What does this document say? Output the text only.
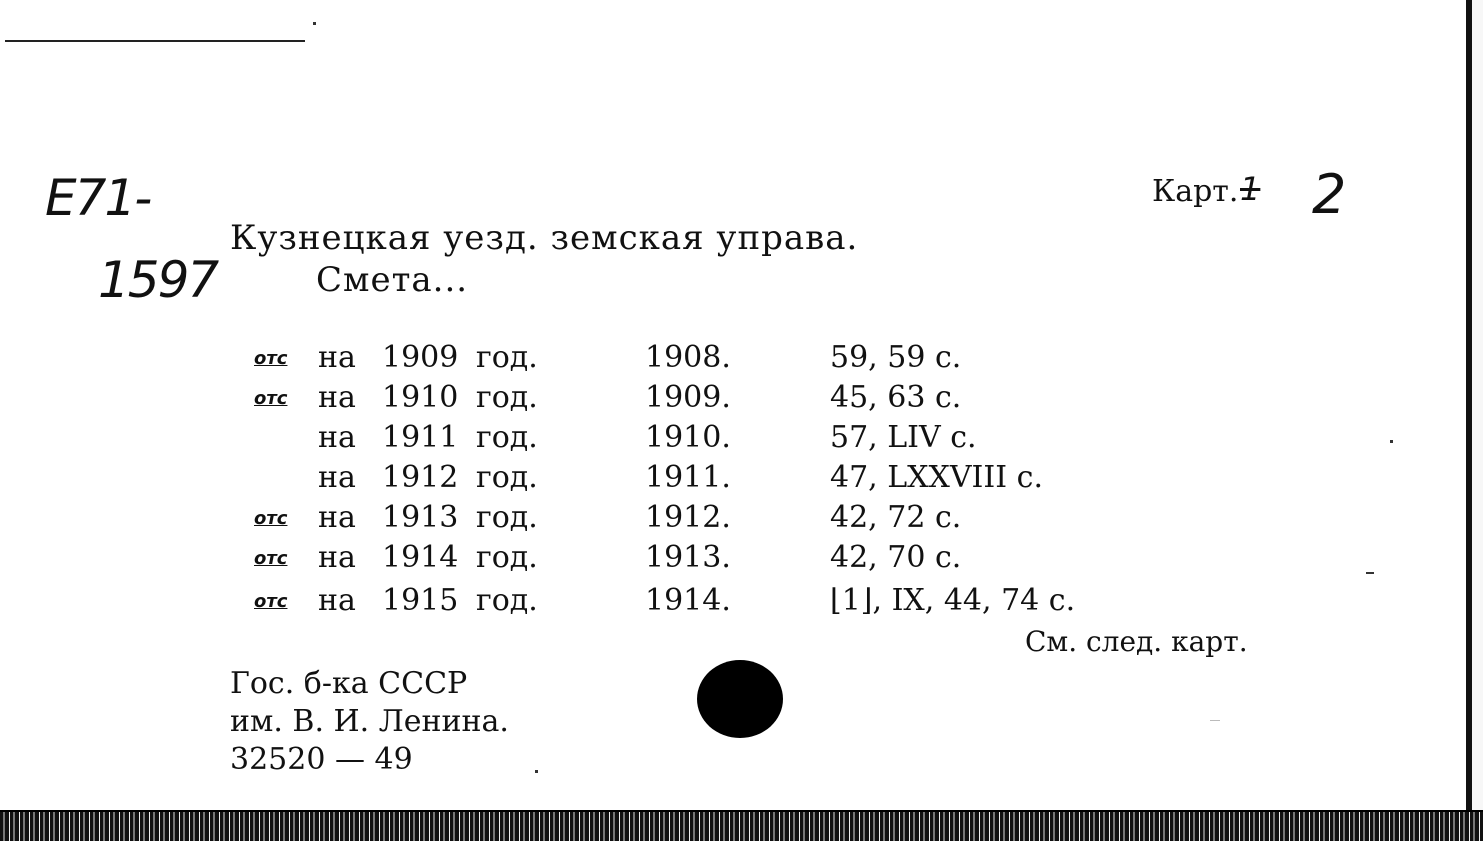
E71-
1597
Карт. 1 2
Кузнецкая уезд. земская управа.
Смета...
отс на 1909 год.	1908.	59, 59 с.
отс на 1910 год.	1909.	45, 63 с.
на 1911 год.	1910.	57, LIV с.
на 1912 год.	1911.	47, LXXVIII с.
отс на 1913 год.	1912.	42, 72 с.
отс на 1914 год.	1913.	42, 70 с.
отс на 1915 год.	1914.	⌊1⌋, IX, 44, 74 с.
См. след. карт.
Гос. б-ка СССР
им. В. И. Ленина.
32520 — 49
